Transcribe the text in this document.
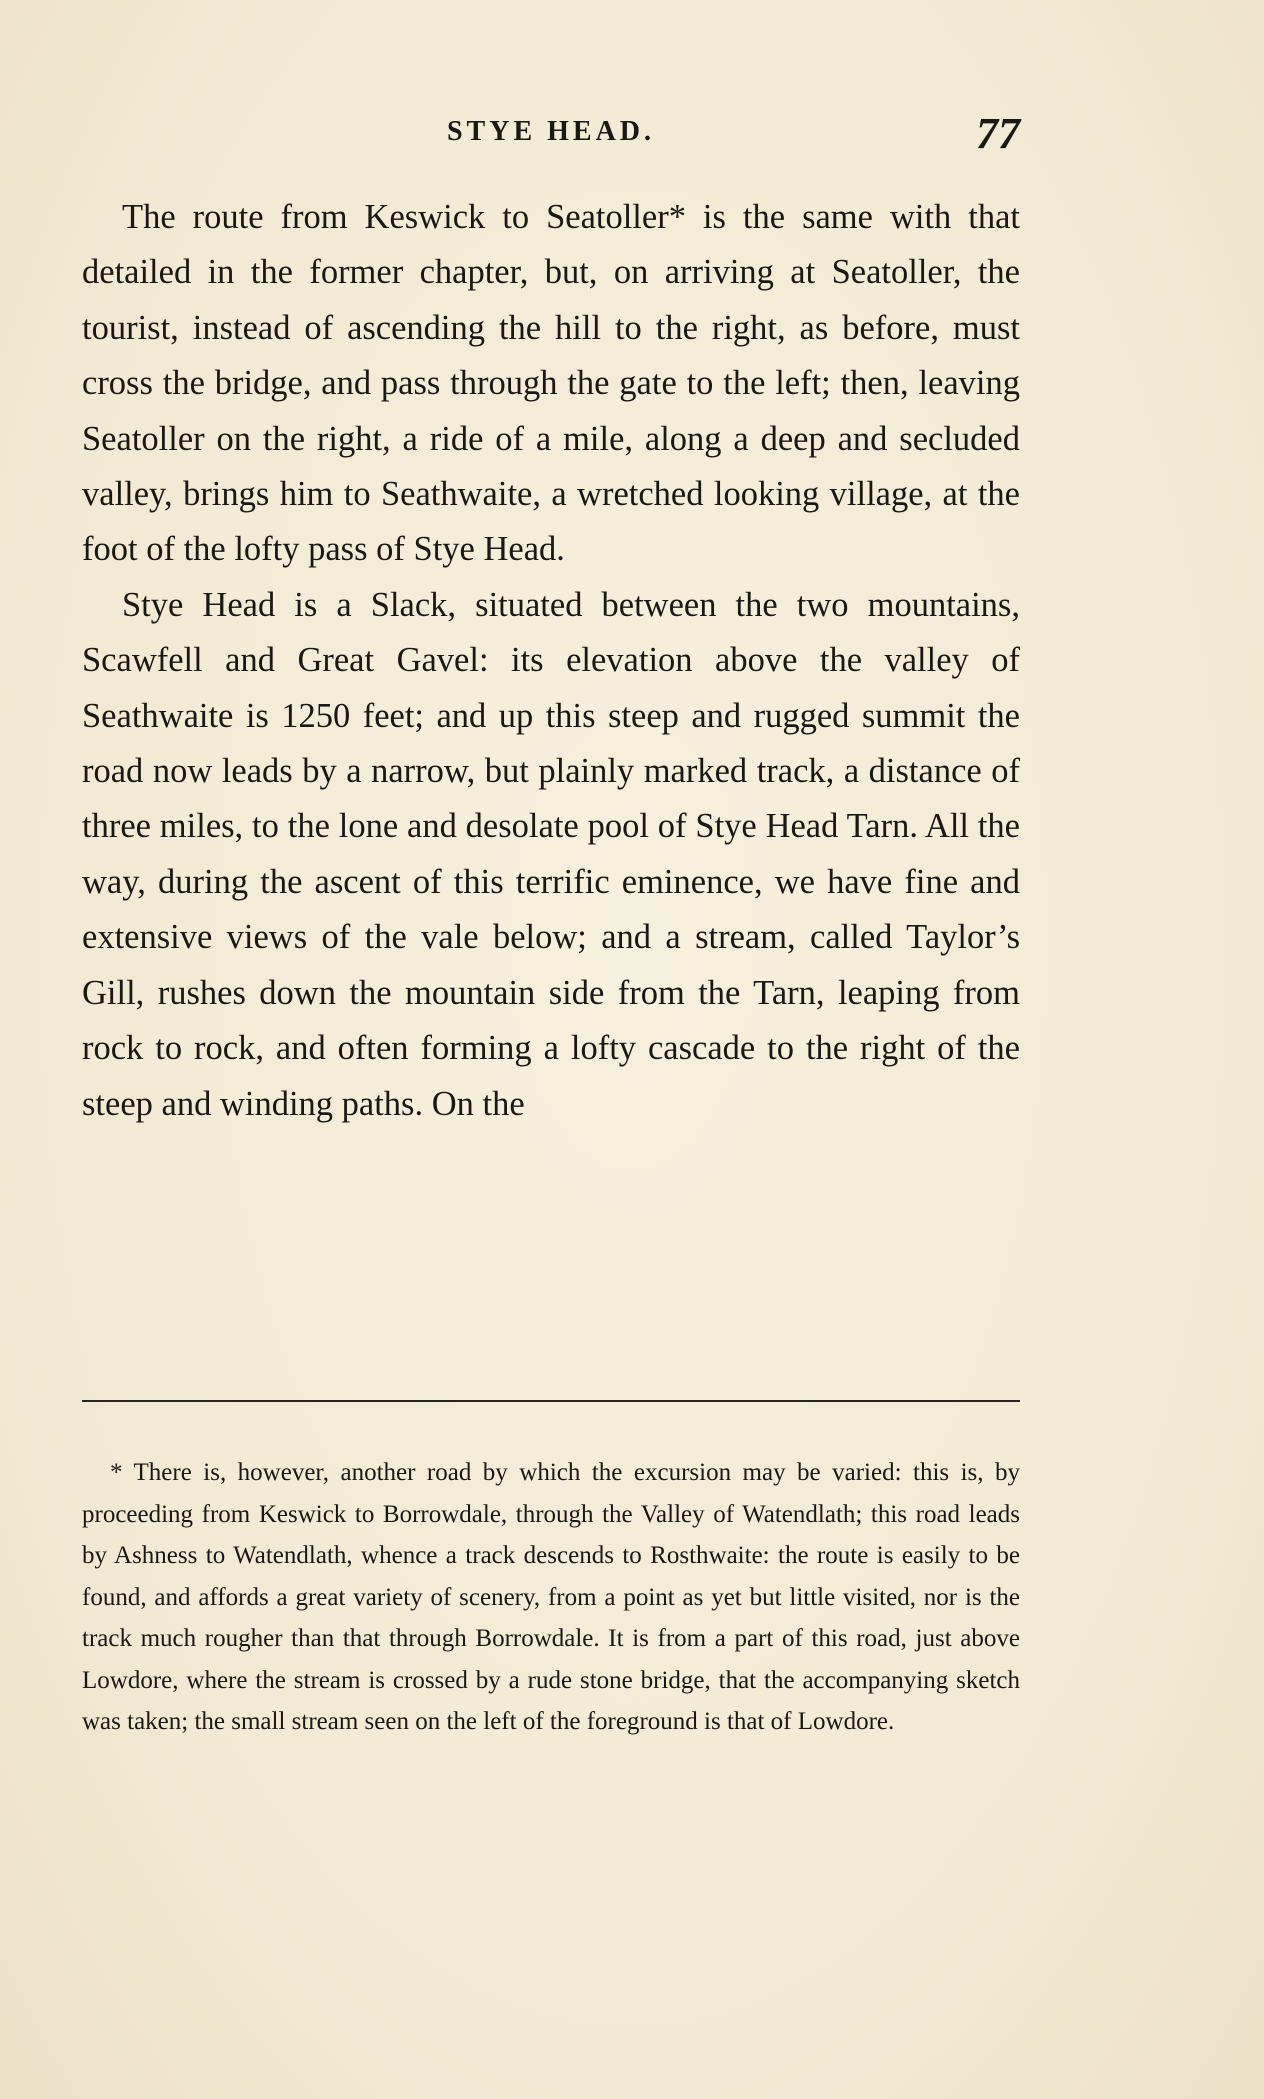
STYE HEAD.	77

The route from Keswick to Seatoller* is the same with that detailed in the former chapter, but, on arriving at Seatoller, the tourist, instead of ascending the hill to the right, as before, must cross the bridge, and pass through the gate to the left; then, leaving Seatoller on the right, a ride of a mile, along a deep and secluded valley, brings him to Seathwaite, a wretched looking village, at the foot of the lofty pass of Stye Head.

Stye Head is a Slack, situated between the two mountains, Scawfell and Great Gavel: its elevation above the valley of Seathwaite is 1250 feet; and up this steep and rugged summit the road now leads by a narrow, but plainly marked track, a distance of three miles, to the lone and desolate pool of Stye Head Tarn. All the way, during the ascent of this terrific eminence, we have fine and extensive views of the vale below; and a stream, called Taylor’s Gill, rushes down the mountain side from the Tarn, leaping from rock to rock, and often forming a lofty cascade to the right of the steep and winding paths. On the

* There is, however, another road by which the excursion may be varied: this is, by proceeding from Keswick to Borrowdale, through the Valley of Watendlath; this road leads by Ashness to Watendlath, whence a track descends to Rosthwaite: the route is easily to be found, and affords a great variety of scenery, from a point as yet but little visited, nor is the track much rougher than that through Borrowdale. It is from a part of this road, just above Lowdore, where the stream is crossed by a rude stone bridge, that the accompanying sketch was taken; the small stream seen on the left of the foreground is that of Lowdore.
